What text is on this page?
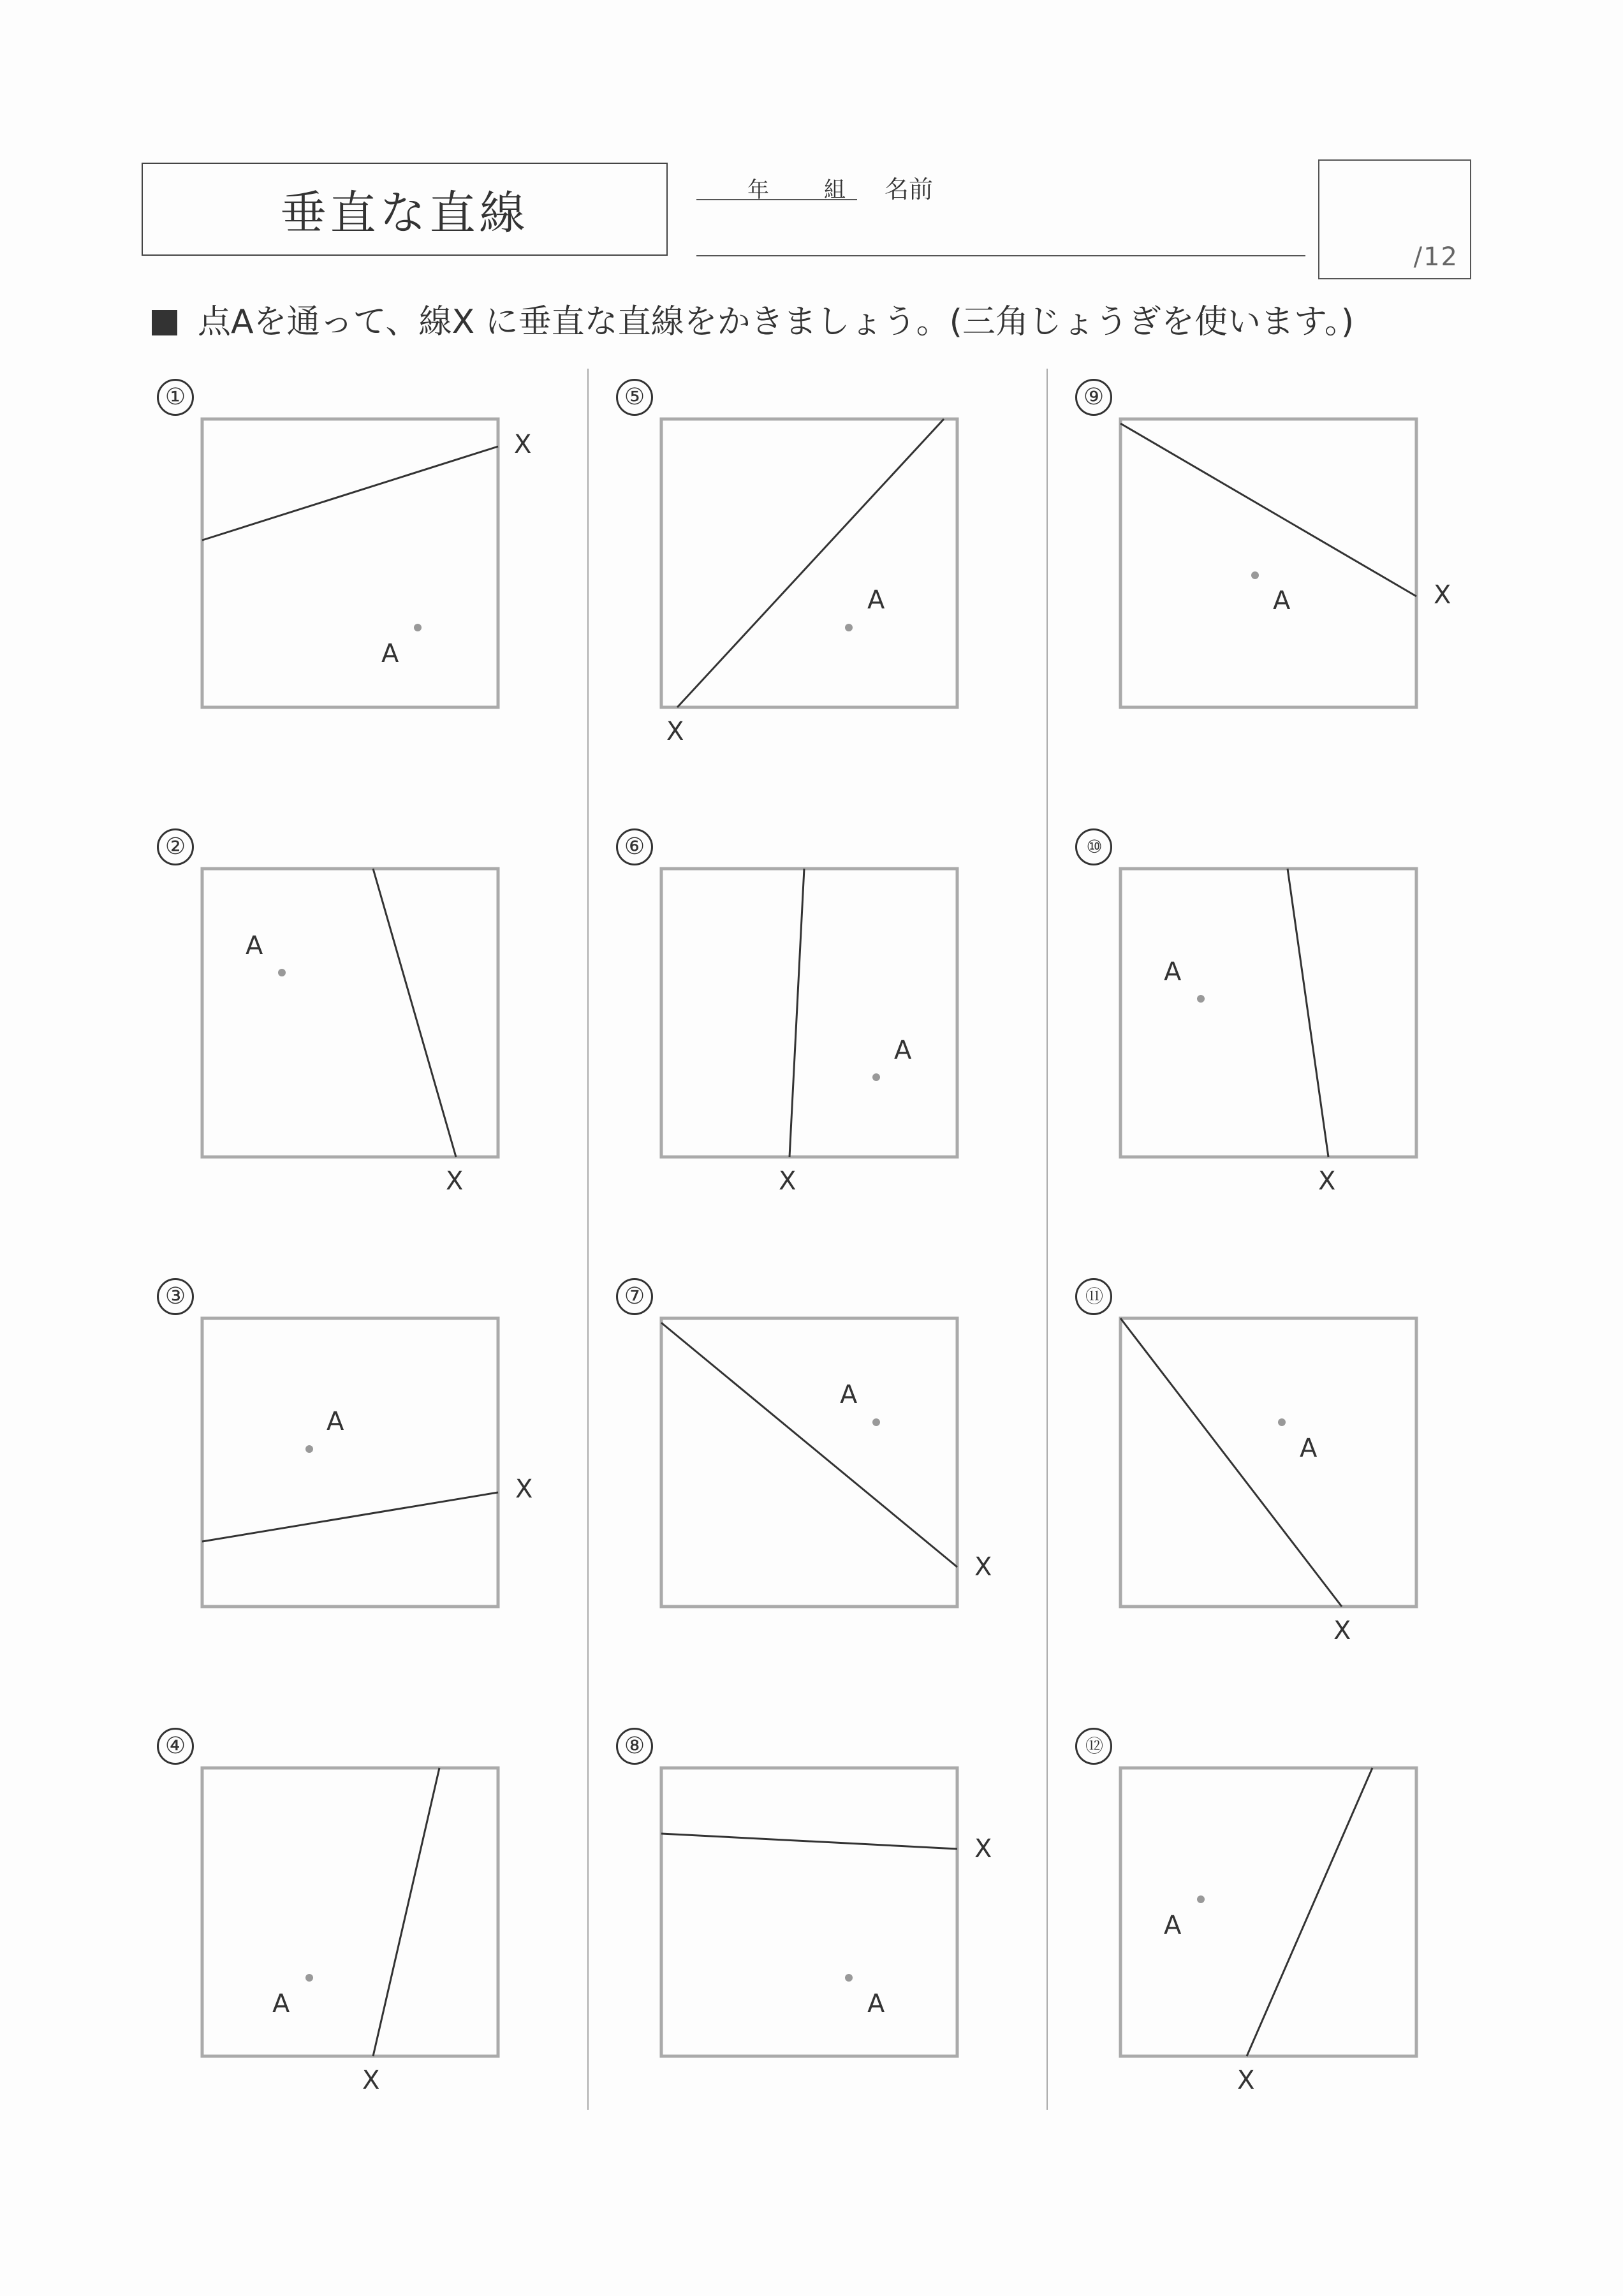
垂直な直線	年	組 名前
/12
点Aを通って、線X に垂直な直線をかきましょう。(三角じょうぎを使います。)
①
A
X
②
A
X
③
A
X
④
A
X
⑤
A
X
⑥
A
X
⑦
A
X
⑧
A
X
⑨
A	X
⑩
A
X
⑪
A
X
⑫
A
X
